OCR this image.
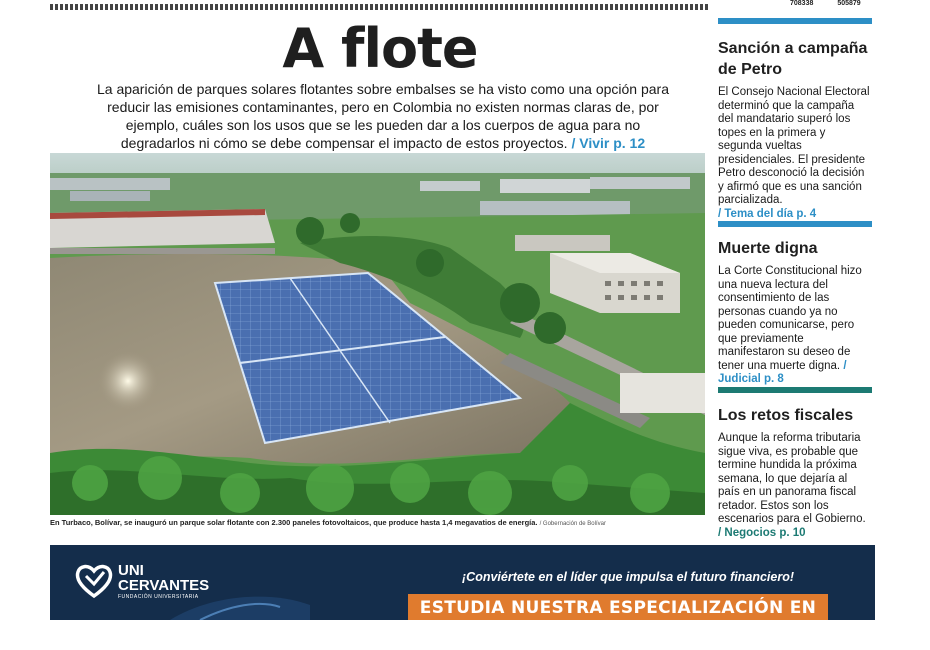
708338	505879
A flote
La aparición de parques solares flotantes sobre embalses se ha visto como una opción para reducir las emisiones contaminantes, pero en Colombia no existen normas claras de, por ejemplo, cuáles son los usos que se les pueden dar a los cuerpos de agua para no degradarlos ni cómo se debe compensar el impacto de estos proyectos. / Vivir p. 12
En Turbaco, Bolívar, se inauguró un parque solar flotante con 2.300 paneles fotovoltaicos, que produce hasta 1,4 megavatios de energía. / Gobernación de Bolívar
Sanción a campaña de Petro
El Consejo Nacional Electoral determinó que la campaña del mandatario superó los topes en la primera y segunda vueltas presidenciales. El presidente Petro desconoció la decisión y afirmó que es una sanción parcializada.
/ Tema del día p. 4
Muerte digna
La Corte Constitucional hizo una nueva lectura del consentimiento de las personas cuando ya no pueden comunicarse, pero que previamente manifestaron su deseo de tener una muerte digna. / Judicial p. 8
Los retos fiscales
Aunque la reforma tributaria sigue viva, es probable que termine hundida la próxima semana, lo que dejaría al país en un panorama fiscal retador. Estos son los escenarios para el Gobierno. / Negocios p. 10
UNI
CERVANTES
FUNDACIÓN UNIVERSITARIA
¡Conviértete en el líder que impulsa el futuro financiero!
ESTUDIA NUESTRA ESPECIALIZACIÓN EN FINANZAS
